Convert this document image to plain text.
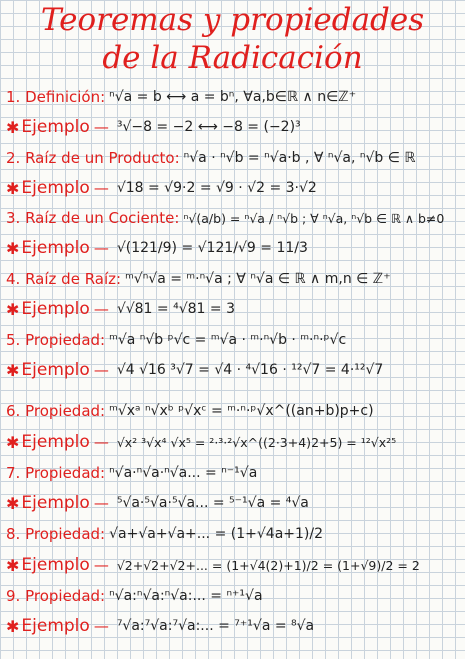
Teoremas y propiedades
de la Radicación
1. Definición: ⁿ√a = b ⟷ a = bⁿ, ∀a,b∈ℝ ∧ n∈ℤ⁺
✱ Ejemplo — ³√−8 = −2 ⟷ −8 = (−2)³
2. Raíz de un Producto: ⁿ√a · ⁿ√b = ⁿ√a·b , ∀ ⁿ√a, ⁿ√b ∈ ℝ
✱ Ejemplo — √18 = √9·2 = √9 · √2 = 3·√2
3. Raíz de un Cociente: ⁿ√(a/b) = ⁿ√a / ⁿ√b ; ∀ ⁿ√a, ⁿ√b ∈ ℝ ∧ b≠0
✱ Ejemplo — √(121/9) = √121/√9 = 11/3
4. Raíz de Raíz: ᵐ√ⁿ√a = ᵐ·ⁿ√a ; ∀ ⁿ√a ∈ ℝ ∧ m,n ∈ ℤ⁺
✱ Ejemplo — √√81 = ⁴√81 = 3
5. Propiedad: ᵐ√a ⁿ√b ᵖ√c = ᵐ√a · ᵐ·ⁿ√b · ᵐ·ⁿ·ᵖ√c
✱ Ejemplo — √4 √16 ³√7 = √4 · ⁴√16 · ¹²√7 = 4·¹²√7
6. Propiedad: ᵐ√xᵃ ⁿ√xᵇ ᵖ√xᶜ = ᵐ·ⁿ·ᵖ√x^((an+b)p+c)
✱ Ejemplo — √x² ³√x⁴ √x⁵ = ²·³·²√x^((2·3+4)2+5) = ¹²√x²⁵
7. Propiedad: ⁿ√a·ⁿ√a·ⁿ√a... = ⁿ⁻¹√a
✱ Ejemplo — ⁵√a·⁵√a·⁵√a... = ⁵⁻¹√a = ⁴√a
8. Propiedad: √a+√a+√a+... = (1+√4a+1)/2
✱ Ejemplo — √2+√2+√2+... = (1+√4(2)+1)/2 = (1+√9)/2 = 2
9. Propiedad: ⁿ√a:ⁿ√a:ⁿ√a:... = ⁿ⁺¹√a
✱ Ejemplo — ⁷√a:⁷√a:⁷√a:... = ⁷⁺¹√a = ⁸√a
